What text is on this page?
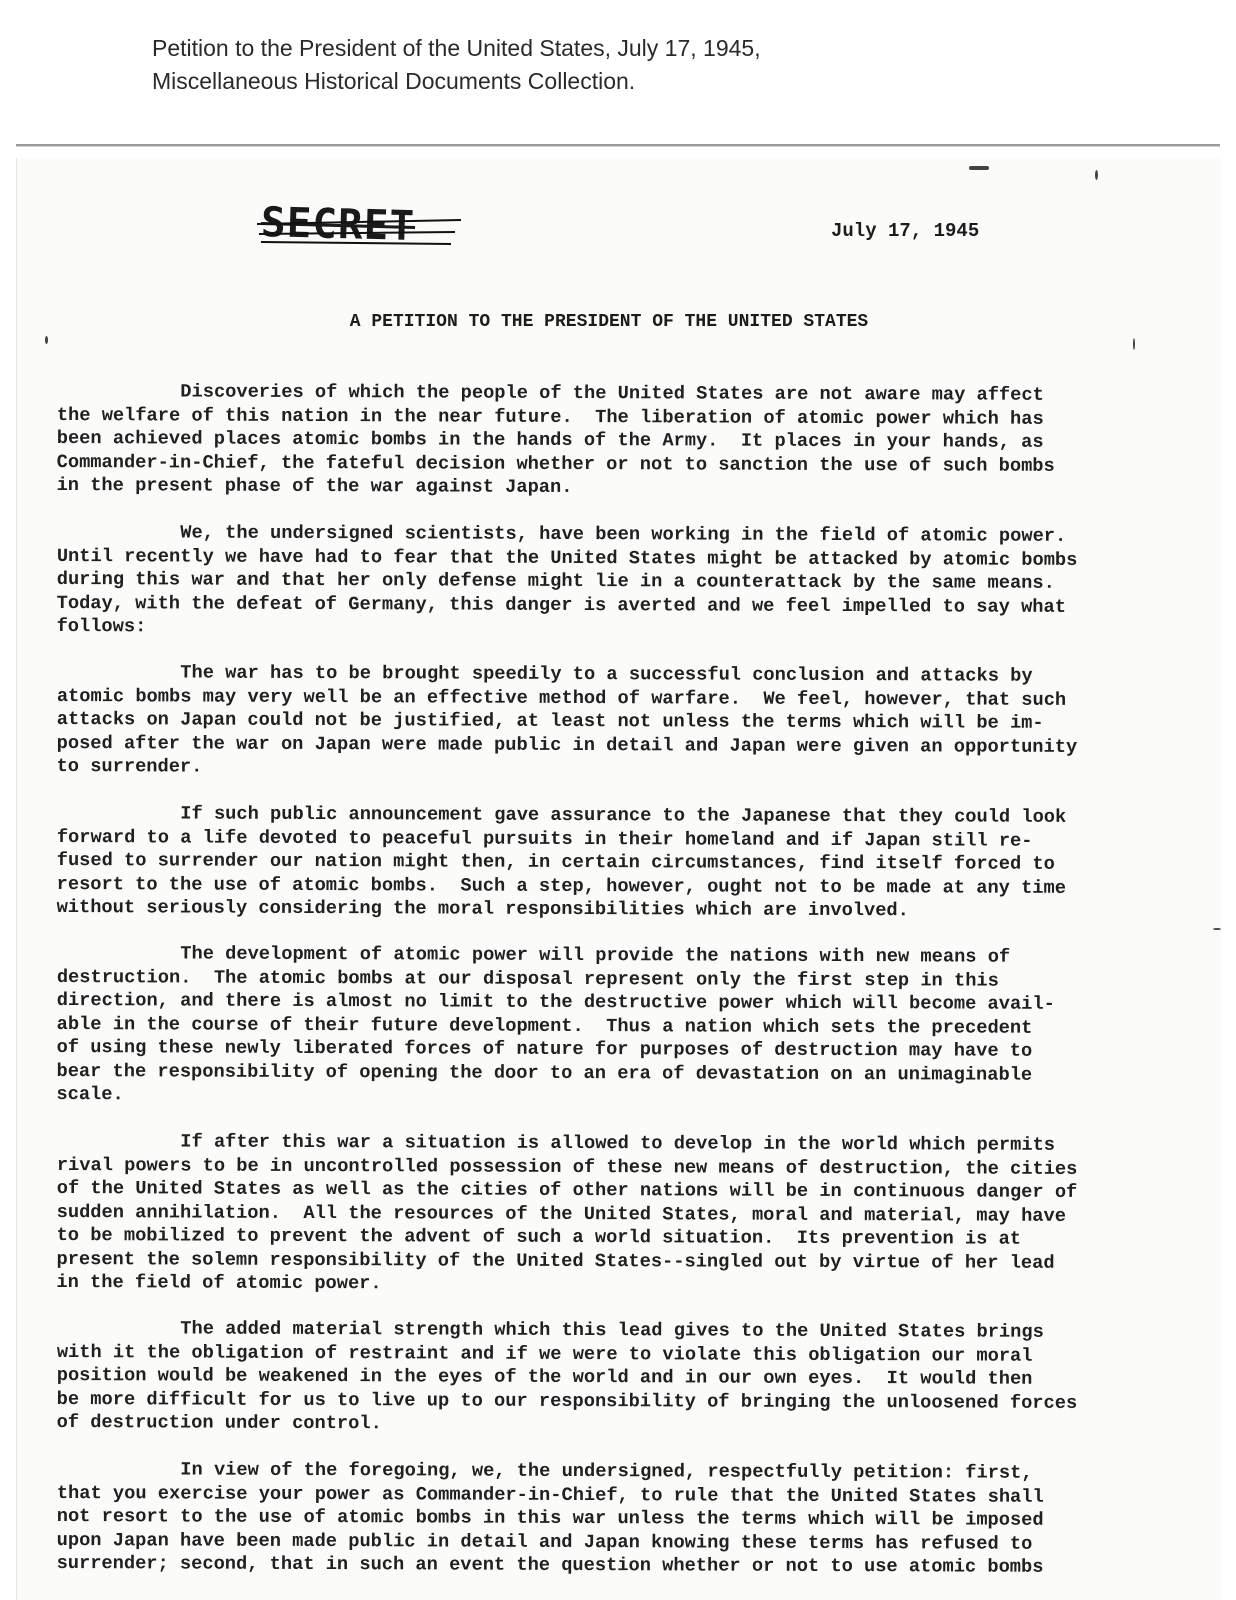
Petition to the President of the United States, July 17, 1945,
Miscellaneous Historical Documents Collection.
SECRET	July 17, 1945
A PETITION TO THE PRESIDENT OF THE UNITED STATES
Discoveries of which the people of the United States are not aware may affect
the welfare of this nation in the near future.  The liberation of atomic power which has
been achieved places atomic bombs in the hands of the Army.  It places in your hands, as
Commander-in-Chief, the fateful decision whether or not to sanction the use of such bombs
in the present phase of the war against Japan.
We, the undersigned scientists, have been working in the field of atomic power.
Until recently we have had to fear that the United States might be attacked by atomic bombs
during this war and that her only defense might lie in a counterattack by the same means.
Today, with the defeat of Germany, this danger is averted and we feel impelled to say what
follows:
The war has to be brought speedily to a successful conclusion and attacks by
atomic bombs may very well be an effective method of warfare.  We feel, however, that such
attacks on Japan could not be justified, at least not unless the terms which will be im-
posed after the war on Japan were made public in detail and Japan were given an opportunity
to surrender.
If such public announcement gave assurance to the Japanese that they could look
forward to a life devoted to peaceful pursuits in their homeland and if Japan still re-
fused to surrender our nation might then, in certain circumstances, find itself forced to
resort to the use of atomic bombs.  Such a step, however, ought not to be made at any time
without seriously considering the moral responsibilities which are involved.
The development of atomic power will provide the nations with new means of
destruction.  The atomic bombs at our disposal represent only the first step in this
direction, and there is almost no limit to the destructive power which will become avail-
able in the course of their future development.  Thus a nation which sets the precedent
of using these newly liberated forces of nature for purposes of destruction may have to
bear the responsibility of opening the door to an era of devastation on an unimaginable
scale.
If after this war a situation is allowed to develop in the world which permits
rival powers to be in uncontrolled possession of these new means of destruction, the cities
of the United States as well as the cities of other nations will be in continuous danger of
sudden annihilation.  All the resources of the United States, moral and material, may have
to be mobilized to prevent the advent of such a world situation.  Its prevention is at
present the solemn responsibility of the United States--singled out by virtue of her lead
in the field of atomic power.
The added material strength which this lead gives to the United States brings
with it the obligation of restraint and if we were to violate this obligation our moral
position would be weakened in the eyes of the world and in our own eyes.  It would then
be more difficult for us to live up to our responsibility of bringing the unloosened forces
of destruction under control.
In view of the foregoing, we, the undersigned, respectfully petition: first,
that you exercise your power as Commander-in-Chief, to rule that the United States shall
not resort to the use of atomic bombs in this war unless the terms which will be imposed
upon Japan have been made public in detail and Japan knowing these terms has refused to
surrender; second, that in such an event the question whether or not to use atomic bombs
